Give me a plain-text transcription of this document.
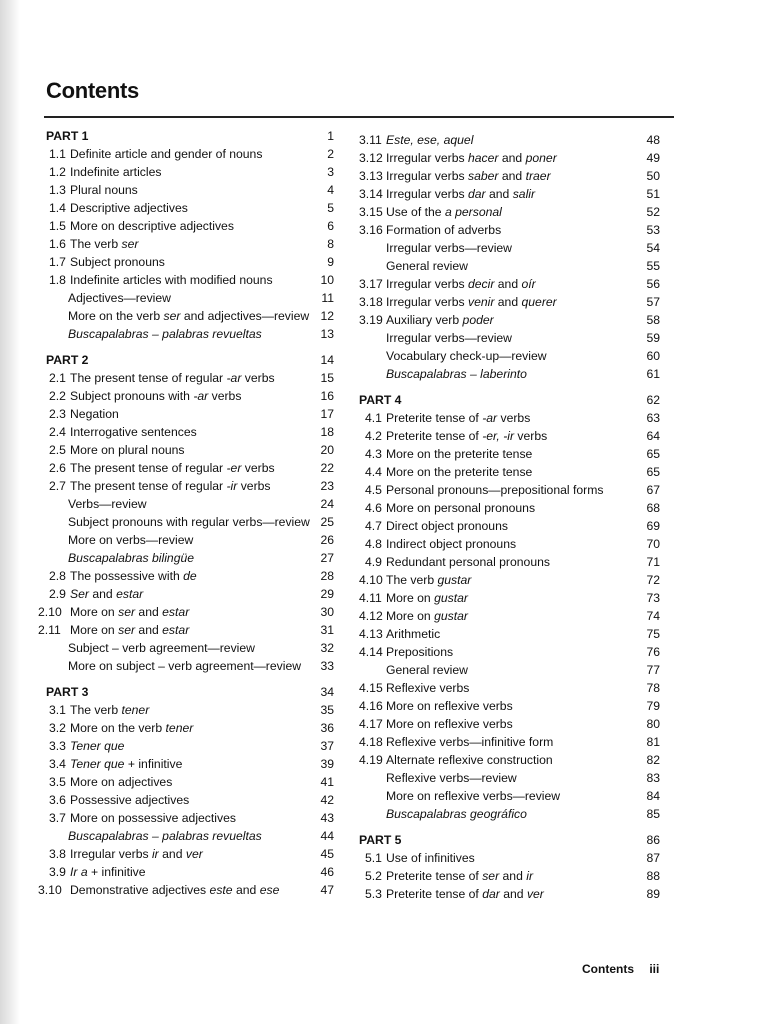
Contents
PART 1	1
1.1 Definite article and gender of nouns	2
1.2 Indefinite articles	3
1.3 Plural nouns	4
1.4 Descriptive adjectives	5
1.5 More on descriptive adjectives	6
1.6 The verb ser	8
1.7 Subject pronouns	9
1.8 Indefinite articles with modified nouns	10
Adjectives—review	11
More on the verb ser and adjectives—review 12
Buscapalabras – palabras revueltas	13
PART 2	14
2.1 The present tense of regular -ar verbs	15
2.2 Subject pronouns with -ar verbs	16
2.3 Negation	17
2.4 Interrogative sentences	18
2.5 More on plural nouns	20
2.6 The present tense of regular -er verbs	22
2.7 The present tense of regular -ir verbs	23
Verbs—review	24
Subject pronouns with regular verbs—review 25
More on verbs—review	26
Buscapalabras bilingüe	27
2.8 The possessive with de	28
2.9 Ser and estar	29
2.10 More on ser and estar	30
2.11 More on ser and estar	31
Subject – verb agreement—review	32
More on subject – verb agreement—review	33
PART 3	34
3.1 The verb tener	35
3.2 More on the verb tener	36
3.3 Tener que	37
3.4 Tener que + infinitive	39
3.5 More on adjectives	41
3.6 Possessive adjectives	42
3.7 More on possessive adjectives	43
Buscapalabras – palabras revueltas	44
3.8 Irregular verbs ir and ver	45
3.9 Ir a + infinitive	46
3.10 Demonstrative adjectives este and ese	47
3.11 Este, ese, aquel	48
3.12 Irregular verbs hacer and poner	49
3.13 Irregular verbs saber and traer	50
3.14 Irregular verbs dar and salir	51
3.15 Use of the a personal	52
3.16 Formation of adverbs	53
Irregular verbs—review	54
General review	55
3.17 Irregular verbs decir and oír	56
3.18 Irregular verbs venir and querer	57
3.19 Auxiliary verb poder	58
Irregular verbs—review	59
Vocabulary check-up—review	60
Buscapalabras – laberinto	61
PART 4	62
4.1 Preterite tense of -ar verbs	63
4.2 Preterite tense of -er, -ir verbs	64
4.3 More on the preterite tense	65
4.4 More on the preterite tense	65
4.5 Personal pronouns—prepositional forms	67
4.6 More on personal pronouns	68
4.7 Direct object pronouns	69
4.8 Indirect object pronouns	70
4.9 Redundant personal pronouns	71
4.10 The verb gustar	72
4.11 More on gustar	73
4.12 More on gustar	74
4.13 Arithmetic	75
4.14 Prepositions	76
General review	77
4.15 Reflexive verbs	78
4.16 More on reflexive verbs	79
4.17 More on reflexive verbs	80
4.18 Reflexive verbs—infinitive form	81
4.19 Alternate reflexive construction	82
Reflexive verbs—review	83
More on reflexive verbs—review	84
Buscapalabras geográfico	85
PART 5	86
5.1 Use of infinitives	87
5.2 Preterite tense of ser and ir	88
5.3 Preterite tense of dar and ver	89
Contents iii
